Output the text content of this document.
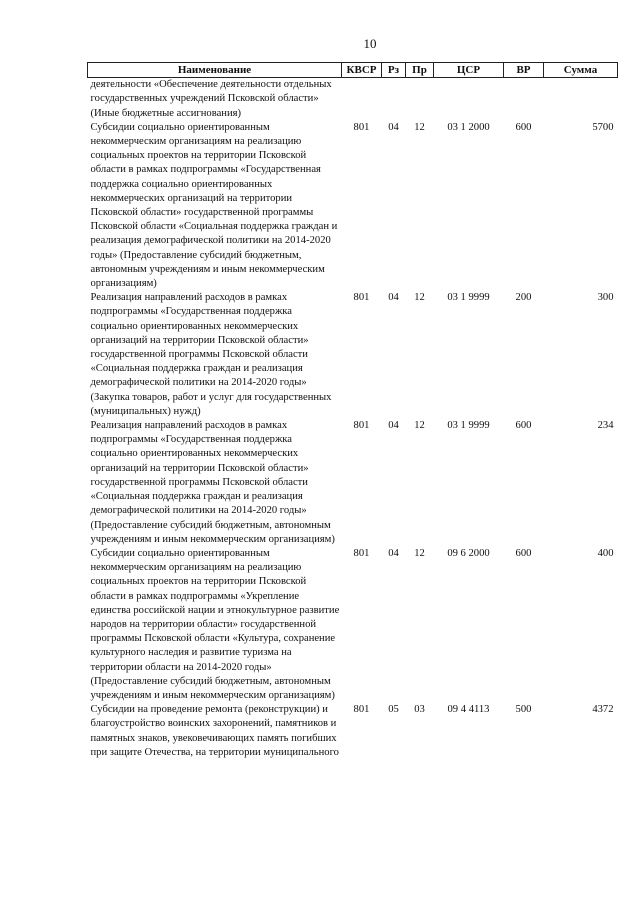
10
Наименование	КВСР	Рз	Пр	ЦСР	ВР	Сумма
деятельности «Обеспечение деятельности отдельных государственных учреждений Псковской области» (Иные бюджетные ассигнования)						
Субсидии социально ориентированным некоммерческим организациям на реализацию социальных проектов на территории Псковской области в рамках подпрограммы «Государственная поддержка социально ориентированных некоммерческих организаций на территории Псковской области» государственной программы Псковской области «Социальная поддержка граждан и реализация демографической политики на 2014-2020 годы» (Предоставление субсидий бюджетным, автономным учреждениям и иным некоммерческим организациям)	801	04	12	03 1 2000	600	5700
Реализация направлений расходов в рамках подпрограммы «Государственная поддержка социально ориентированных некоммерческих организаций на территории Псковской области» государственной программы Псковской области «Социальная поддержка граждан и реализация демографической политики на 2014-2020 годы» (Закупка товаров, работ и услуг для государственных (муниципальных) нужд)	801	04	12	03 1 9999	200	300
Реализация направлений расходов в рамках подпрограммы «Государственная поддержка социально ориентированных некоммерческих организаций на территории Псковской области» государственной программы Псковской области «Социальная поддержка граждан и реализация демографической политики на 2014-2020 годы» (Предоставление субсидий бюджетным, автономным учреждениям и иным некоммерческим организациям)	801	04	12	03 1 9999	600	234
Субсидии социально ориентированным некоммерческим организациям на реализацию социальных проектов на территории Псковской области в рамках подпрограммы «Укрепление единства российской нации и этнокультурное развитие народов на территории области» государственной программы Псковской области «Культура, сохранение культурного наследия и развитие туризма на территории области на 2014-2020 годы» (Предоставление субсидий бюджетным, автономным учреждениям и иным некоммерческим организациям)	801	04	12	09 6 2000	600	400
Субсидии на проведение ремонта (реконструкции) и благоустройство воинских захоронений, памятников и памятных знаков, увековечивающих память погибших при защите Отечества, на территории муниципального	801	05	03	09 4 4113	500	4372
